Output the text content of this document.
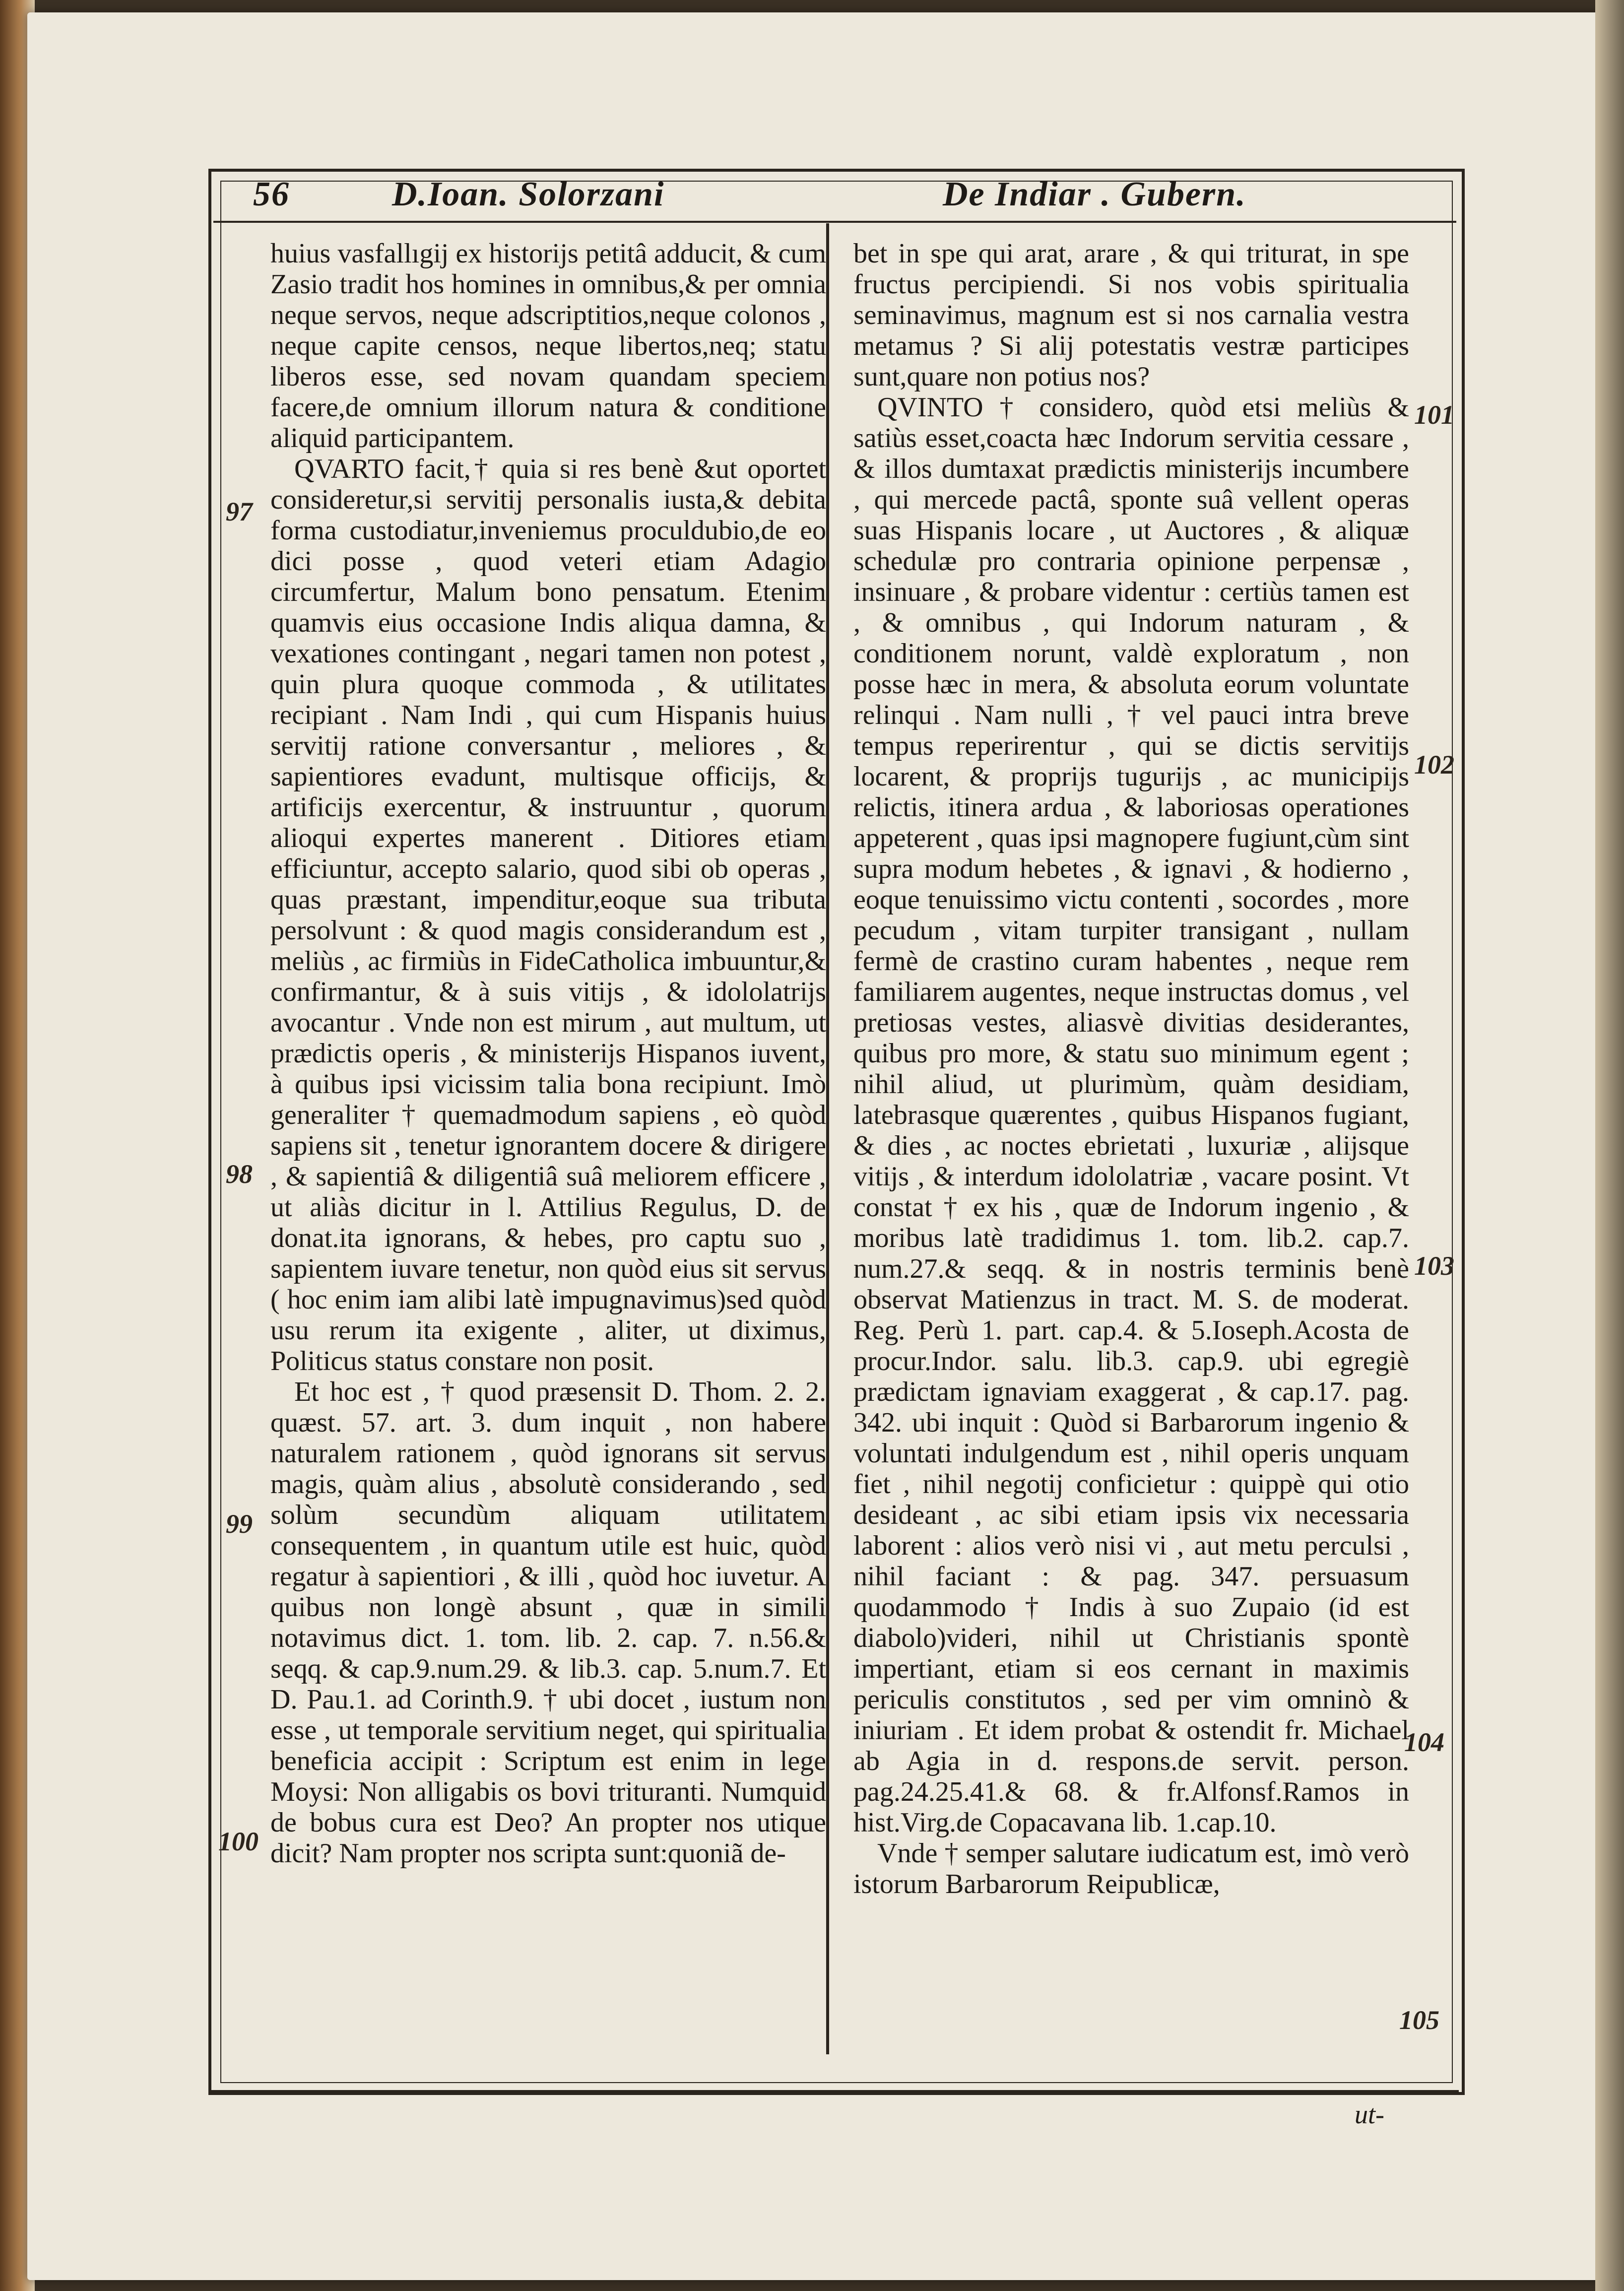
56	D.Ioan. Solorzani	De Indiar . Gubern.

huius vasfallıgij ex historijs petitâ adducit, & cum Zasio tradit hos homines in omnibus,& per omnia neque servos, neque adscriptitios,neque colonos , neque capite censos, neque libertos,neq; statu liberos esse, sed novam quandam speciem facere,de omnium illorum natura & conditione aliquid participantem.

QVARTO facit,† quia si res benè &ut oportet consideretur,si servitij personalis iusta,& debita forma custodiatur,inveniemus proculdubio,de eo dici posse , quod veteri etiam Adagio circumfertur, Malum bono pensatum. Etenim quamvis eius occasione Indis aliqua damna, & vexationes contingant , negari tamen non potest , quin plura quoque commoda , & utilitates recipiant . Nam Indi , qui cum Hispanis huius servitij ratione conversantur , meliores , & sapientiores evadunt, multisque officijs, & artificijs exercentur, & instruuntur , quorum alioqui expertes manerent . Ditiores etiam efficiuntur, accepto salario, quod sibi ob operas , quas præstant, impenditur,eoque sua tributa persolvunt : & quod magis considerandum est , meliùs , ac firmiùs in FideCatholica imbuuntur,& confirmantur, & à suis vitijs , & idololatrijs avocantur . Vnde non est mirum , aut multum, ut prædictis operis , & ministerijs Hispanos iuvent, à quibus ipsi vicissim talia bona recipiunt. Imò generaliter † quemadmodum sapiens , eò quòd sapiens sit , tenetur ignorantem docere & dirigere , & sapientiâ & diligentiâ suâ meliorem efficere , ut aliàs dicitur in l. Attilius Regulus, D. de donat.ita ignorans, & hebes, pro captu suo , sapientem iuvare tenetur, non quòd eius sit servus ( hoc enim iam alibi latè impugnavimus)sed quòd usu rerum ita exigente , aliter, ut diximus, Politicus status constare non posit.

Et hoc est , † quod præsensit D. Thom. 2. 2. quæst. 57. art. 3. dum inquit , non habere naturalem rationem , quòd ignorans sit servus magis, quàm alius , absolutè considerando , sed solùm secundùm aliquam utilitatem consequentem , in quantum utile est huic, quòd regatur à sapientiori , & illi , quòd hoc iuvetur. A quibus non longè absunt , quæ in simili notavimus dict. 1. tom. lib. 2. cap. 7. n.56.& seqq. & cap.9.num.29. & lib.3. cap. 5.num.7. Et D. Pau.1. ad Corinth.9. † ubi docet , iustum non esse , ut temporale servitium neget, qui spiritualia beneficia accipit : Scriptum est enim in lege Moysi: Non alligabis os bovi trituranti. Numquid de bobus cura est Deo? An propter nos utique dicit? Nam propter nos scripta sunt:quoniã de-

bet in spe qui arat, arare , & qui triturat, in spe fructus percipiendi. Si nos vobis spiritualia seminavimus, magnum est si nos carnalia vestra metamus ? Si alij potestatis vestræ participes sunt,quare non potius nos?

QVINTO † considero, quòd etsi meliùs & satiùs esset,coacta hæc Indorum servitia cessare , & illos dumtaxat prædictis ministerijs incumbere , qui mercede pactâ, sponte suâ vellent operas suas Hispanis locare , ut Auctores , & aliquæ schedulæ pro contraria opinione perpensæ , insinuare , & probare videntur : certiùs tamen est , & omnibus , qui Indorum naturam , & conditionem norunt, valdè exploratum , non posse hæc in mera, & absoluta eorum voluntate relinqui . Nam nulli , † vel pauci intra breve tempus reperirentur , qui se dictis servitijs locarent, & proprijs tugurijs , ac municipijs relictis, itinera ardua , & laboriosas operationes appeterent , quas ipsi magnopere fugiunt,cùm sint supra modum hebetes , & ignavi , & hodierno , eoque tenuissimo victu contenti , socordes , more pecudum , vitam turpiter transigant , nullam fermè de crastino curam habentes , neque rem familiarem augentes, neque instructas domus , vel pretiosas vestes, aliasvè divitias desiderantes, quibus pro more, & statu suo minimum egent ; nihil aliud, ut plurimùm, quàm desidiam, latebrasque quærentes , quibus Hispanos fugiant, & dies , ac noctes ebrietati , luxuriæ , alijsque vitijs , & interdum idololatriæ , vacare posint. Vt constat † ex his , quæ de Indorum ingenio , & moribus latè tradidimus 1. tom. lib.2. cap.7. num.27.& seqq. & in nostris terminis benè observat Matienzus in tract. M. S. de moderat. Reg. Perù 1. part. cap.4. & 5.Ioseph.Acosta de procur.Indor. salu. lib.3. cap.9. ubi egregiè prædictam ignaviam exaggerat , & cap.17. pag. 342. ubi inquit : Quòd si Barbarorum ingenio & voluntati indulgendum est , nihil operis unquam fiet , nihil negotij conficietur : quippè qui otio desideant , ac sibi etiam ipsis vix necessaria laborent : alios verò nisi vi , aut metu perculsi , nihil faciant : & pag. 347. persuasum quodammodo † Indis à suo Zupaio (id est diabolo)videri, nihil ut Christianis spontè impertiant, etiam si eos cernant in maximis periculis constitutos , sed per vim omninò & iniuriam . Et idem probat & ostendit fr. Michael ab Agia in d. respons.de servit. person. pag.24.25.41.& 68. & fr.Alfonsf.Ramos in hist.Virg.de Copacavana lib. 1.cap.10.

Vnde † semper salutare iudicatum est, imò verò istorum Barbarorum Reipublicæ,

97
98
99
100
101
102
103
104
105
ut-
